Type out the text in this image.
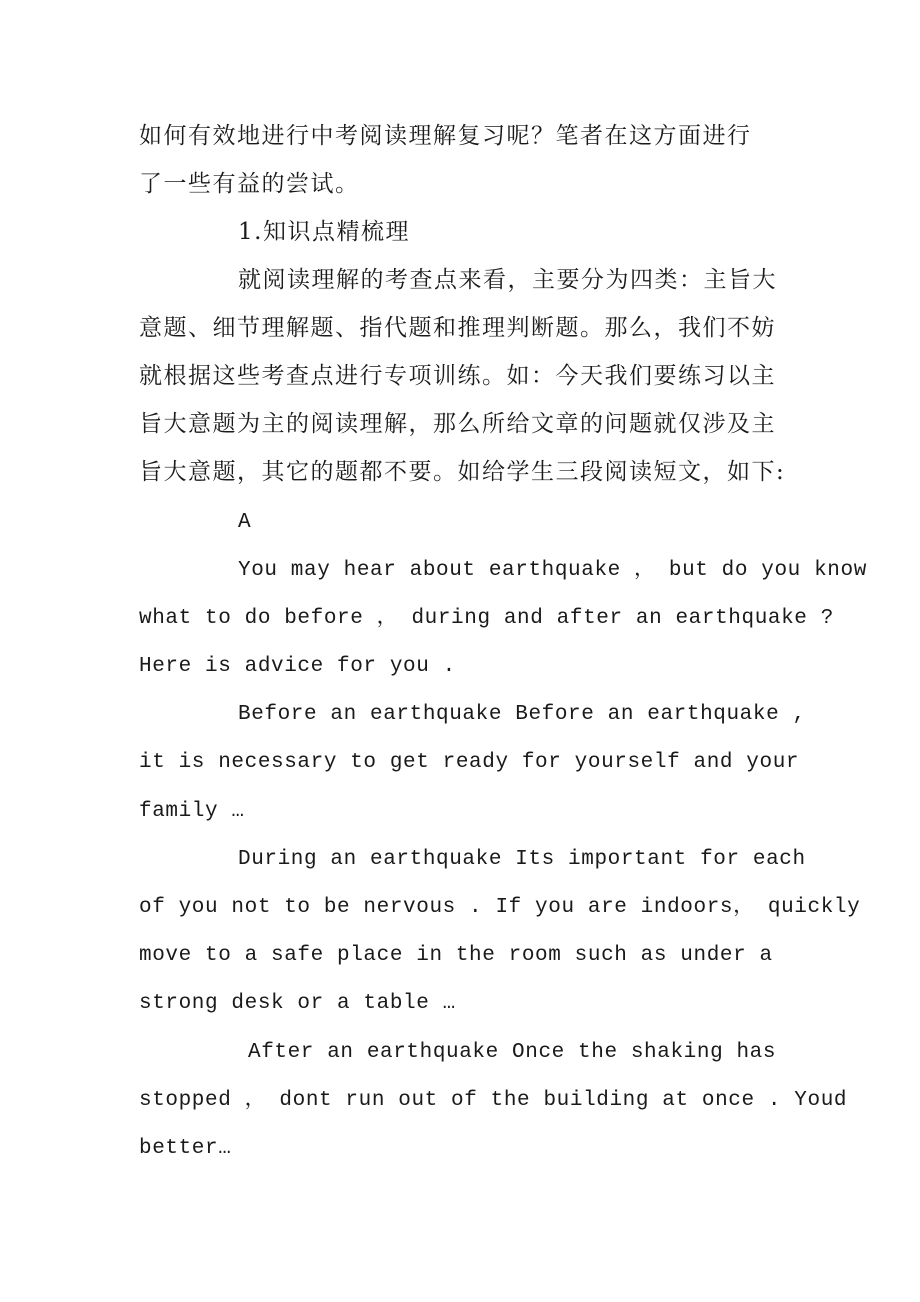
如何有效地进行中考阅读理解复习呢？笔者在这方面进行
了一些有益的尝试。
1.知识点精梳理
就阅读理解的考查点来看，主要分为四类：主旨大
意题、细节理解题、指代题和推理判断题。那么，我们不妨
就根据这些考查点进行专项训练。如：今天我们要练习以主
旨大意题为主的阅读理解，那么所给文章的问题就仅涉及主
旨大意题，其它的题都不要。如给学生三段阅读短文，如下:
A
You may hear about earthquake ， but do you know
what to do before ， during and after an earthquake ?
Here is advice for you .
Before an earthquake Before an earthquake ,
it is necessary to get ready for yourself and your
family …
During an earthquake Its important for each
of you not to be nervous . If you are indoors， quickly
move to a safe place in the room such as under a
strong desk or a table …
After an earthquake Once the shaking has
stopped ， dont run out of the building at once . Youd
better…
